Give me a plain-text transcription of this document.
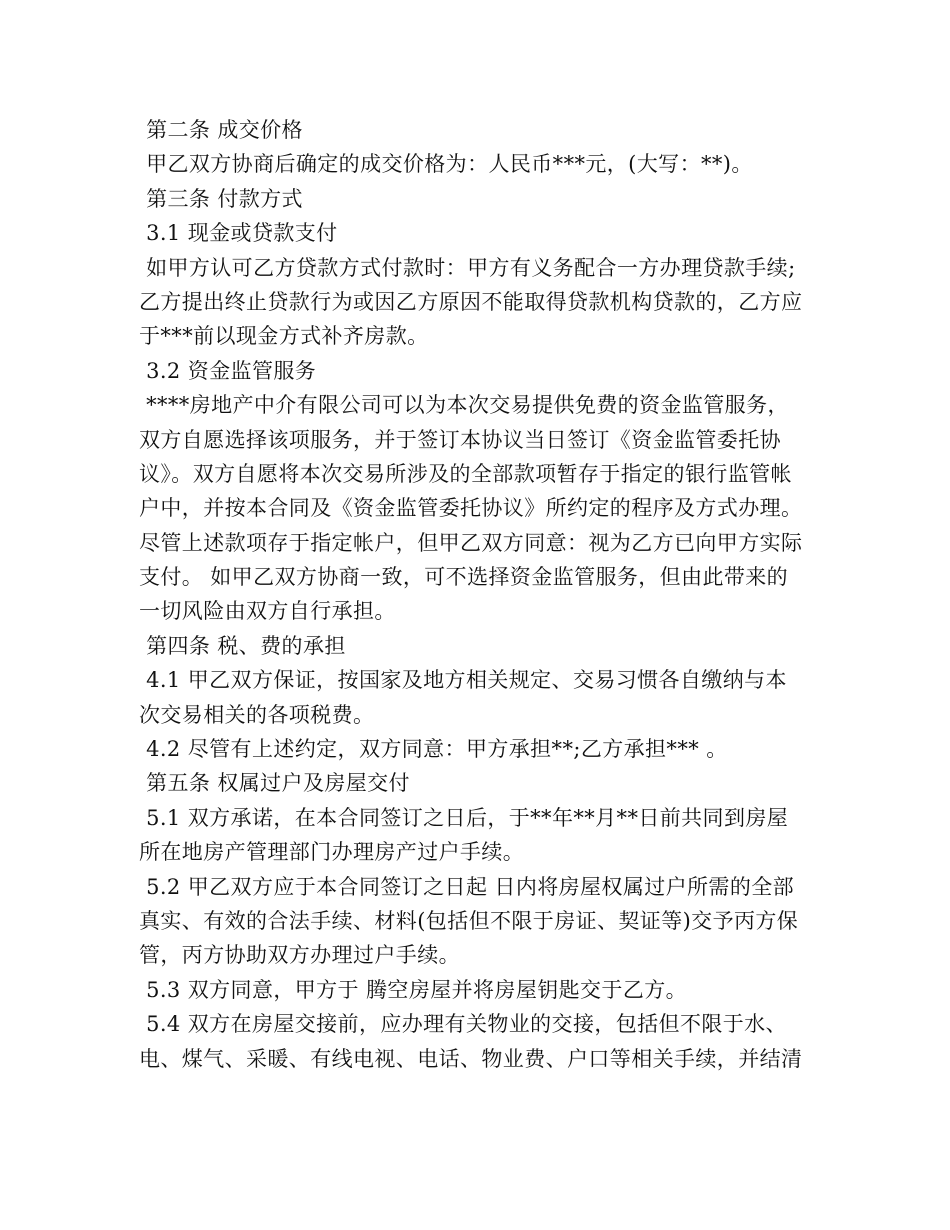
第二条 成交价格
甲乙双方协商后确定的成交价格为：人民币***元，(大写：**)。
第三条 付款方式
3.1 现金或贷款支付
如甲方认可乙方贷款方式付款时：甲方有义务配合一方办理贷款手续;
乙方提出终止贷款行为或因乙方原因不能取得贷款机构贷款的，乙方应
于***前以现金方式补齐房款。
3.2 资金监管服务
****房地产中介有限公司可以为本次交易提供免费的资金监管服务，
双方自愿选择该项服务，并于签订本协议当日签订《资金监管委托协
议》。双方自愿将本次交易所涉及的全部款项暂存于指定的银行监管帐
户中，并按本合同及《资金监管委托协议》所约定的程序及方式办理。
尽管上述款项存于指定帐户，但甲乙双方同意：视为乙方已向甲方实际
支付。 如甲乙双方协商一致，可不选择资金监管服务，但由此带来的
一切风险由双方自行承担。
第四条 税、费的承担
4.1 甲乙双方保证，按国家及地方相关规定、交易习惯各自缴纳与本
次交易相关的各项税费。
4.2 尽管有上述约定，双方同意：甲方承担**;乙方承担*** 。
第五条 权属过户及房屋交付
5.1 双方承诺，在本合同签订之日后，于**年**月**日前共同到房屋
所在地房产管理部门办理房产过户手续。
5.2 甲乙双方应于本合同签订之日起 日内将房屋权属过户所需的全部
真实、有效的合法手续、材料(包括但不限于房证、契证等)交予丙方保
管，丙方协助双方办理过户手续。
5.3 双方同意，甲方于 腾空房屋并将房屋钥匙交于乙方。
5.4 双方在房屋交接前，应办理有关物业的交接，包括但不限于水、
电、煤气、采暖、有线电视、电话、物业费、户口等相关手续，并结清
